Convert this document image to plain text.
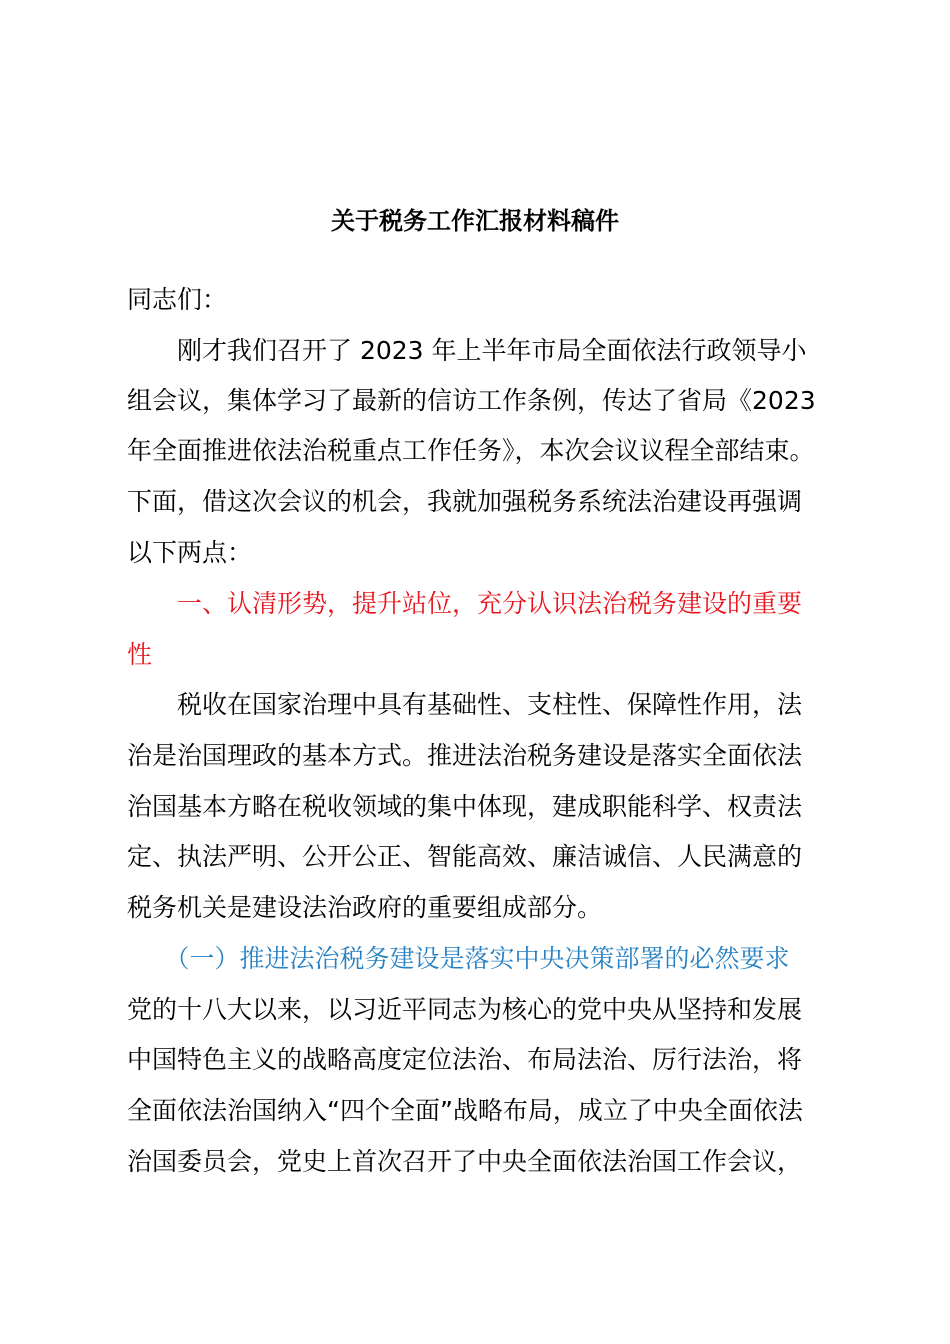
关于税务工作汇报材料稿件
同志们：
　　刚才我们召开了 2023 年上半年市局全面依法行政领导小
组会议，集体学习了最新的信访工作条例，传达了省局《2023
年全面推进依法治税重点工作任务》，本次会议议程全部结束。
下面，借这次会议的机会，我就加强税务系统法治建设再强调
以下两点：
　　一、认清形势，提升站位，充分认识法治税务建设的重要
性
　　税收在国家治理中具有基础性、支柱性、保障性作用，法
治是治国理政的基本方式。推进法治税务建设是落实全面依法
治国基本方略在税收领域的集中体现，建成职能科学、权责法
定、执法严明、公开公正、智能高效、廉洁诚信、人民满意的
税务机关是建设法治政府的重要组成部分。
　　（一）推进法治税务建设是落实中央决策部署的必然要求
党的十八大以来，以习近平同志为核心的党中央从坚持和发展
中国特色主义的战略高度定位法治、布局法治、厉行法治，将
全面依法治国纳入“四个全面”战略布局，成立了中央全面依法
治国委员会，党史上首次召开了中央全面依法治国工作会议，
